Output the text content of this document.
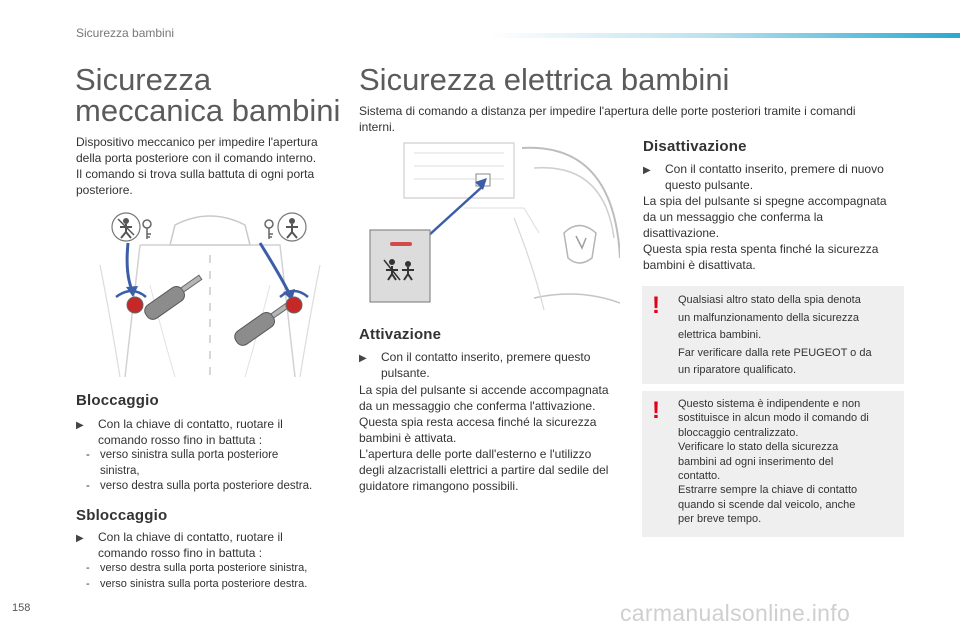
Sicurezza bambini
Sicurezza
meccanica bambini
Dispositivo meccanico per impedire l'apertura
della porta posteriore con il comando interno.
Il comando si trova sulla battuta di ogni porta
posteriore.
Bloccaggio
▶	Con la chiave di contatto, ruotare il
comando rosso fino in battuta :
- verso sinistra sulla porta posteriore
sinistra,
- verso destra sulla porta posteriore destra.
Sbloccaggio
▶	Con la chiave di contatto, ruotare il
comando rosso fino in battuta :
- verso destra sulla porta posteriore sinistra,
- verso sinistra sulla porta posteriore destra.
Sicurezza elettrica bambini
Sistema di comando a distanza per impedire l'apertura delle porte posteriori tramite i comandi
interni.
Attivazione
▶	Con il contatto inserito, premere questo
pulsante.
La spia del pulsante si accende accompagnata
da un messaggio che conferma l'attivazione.
Questa spia resta accesa finché la sicurezza
bambini è attivata.
L'apertura delle porte dall'esterno e l'utilizzo
degli alzacristalli elettrici a partire dal sedile del
guidatore rimangono possibili.
Disattivazione
▶	Con il contatto inserito, premere di nuovo
questo pulsante.
La spia del pulsante si spegne accompagnata
da un messaggio che conferma la
disattivazione.
Questa spia resta spenta finché la sicurezza
bambini è disattivata.
! Qualsiasi altro stato della spia denota
un malfunzionamento della sicurezza
elettrica bambini.
Far verificare dalla rete PEUGEOT o da
un riparatore qualificato.
! Questo sistema è indipendente e non
sostituisce in alcun modo il comando di
bloccaggio centralizzato.
Verificare lo stato della sicurezza
bambini ad ogni inserimento del
contatto.
Estrarre sempre la chiave di contatto
quando si scende dal veicolo, anche
per breve tempo.
158	carmanualsonline.info
